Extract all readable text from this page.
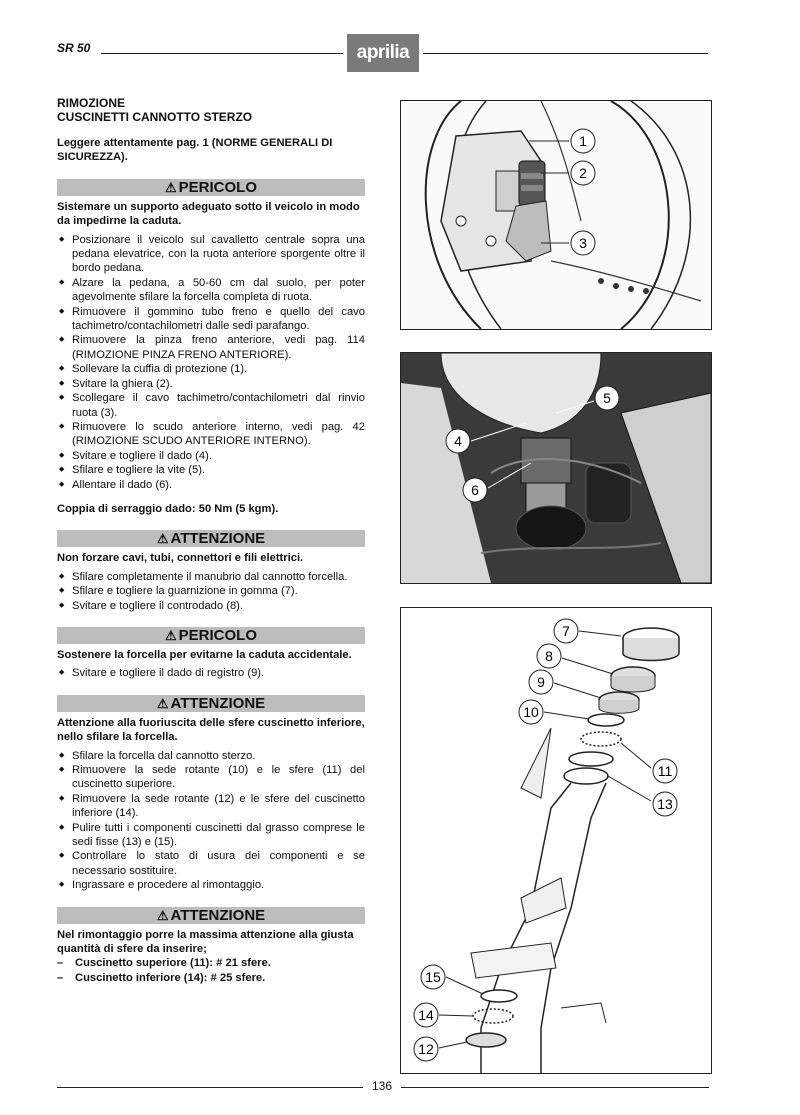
SR 50	aprilia
RIMOZIONE
CUSCINETTI CANNOTTO STERZO

Leggere attentamente pag. 1 (NORME GENERALI DI SICUREZZA).

⚠ PERICOLO

Sistemare un supporto adeguato sotto il veicolo in modo da impedirne la caduta.

◆ Posizionare il veicolo sul cavalletto centrale sopra una pedana elevatrice, con la ruota anteriore sporgente oltre il bordo pedana.
◆ Alzare la pedana, a 50-60 cm dal suolo, per poter agevolmente sfilare la forcella completa di ruota.
◆ Rimuovere il gommino tubo freno e quello del cavo tachimetro/contachilometri dalle sedi parafango.
◆ Rimuovere la pinza freno anteriore, vedi pag. 114 (RIMOZIONE PINZA FRENO ANTERIORE).
◆ Sollevare la cuffia di protezione (1).
◆ Svitare la ghiera (2).
◆ Scollegare il cavo tachimetro/contachilometri dal rinvio ruota (3).
◆ Rimuovere lo scudo anteriore interno, vedi pag. 42 (RIMOZIONE SCUDO ANTERIORE INTERNO).
◆ Svitare e togliere il dado (4).
◆ Sfilare e togliere la vite (5).
◆ Allentare il dado (6).

Coppia di serraggio dado: 50 Nm (5 kgm).

⚠ ATTENZIONE

Non forzare cavi, tubi, connettori e fili elettrici.

◆ Sfilare completamente il manubrio dal cannotto forcella.
◆ Sfilare e togliere la guarnizione in gomma (7).
◆ Svitare e togliere il controdado (8).
⚠ PERICOLO

Sostenere la forcella per evitarne la caduta accidentale.

◆ Svitare e togliere il dado di registro (9).
⚠ ATTENZIONE

Attenzione alla fuoriuscita delle sfere cuscinetto inferiore, nello sfilare la forcella.

◆ Sfilare la forcella dal cannotto sterzo.
◆ Rimuovere la sede rotante (10) e le sfere (11) del cuscinetto superiore.
◆ Rimuovere la sede rotante (12) e le sfere del cuscinetto inferiore (14).
◆ Pulire tutti i componenti cuscinetti dal grasso comprese le sedi fisse (13) e (15).
◆ Controllare lo stato di usura dei componenti e se necessario sostituire.
◆ Ingrassare e procedere al rimontaggio.
⚠ ATTENZIONE

Nel rimontaggio porre la massima attenzione alla giusta quantità di sfere da inserire;

– Cuscinetto superiore (11): # 21 sfere.

– Cuscinetto inferiore (14): # 25 sfere.

1
2
3
5
4
6
7
8
9
10
11
13
15
14
12
136
